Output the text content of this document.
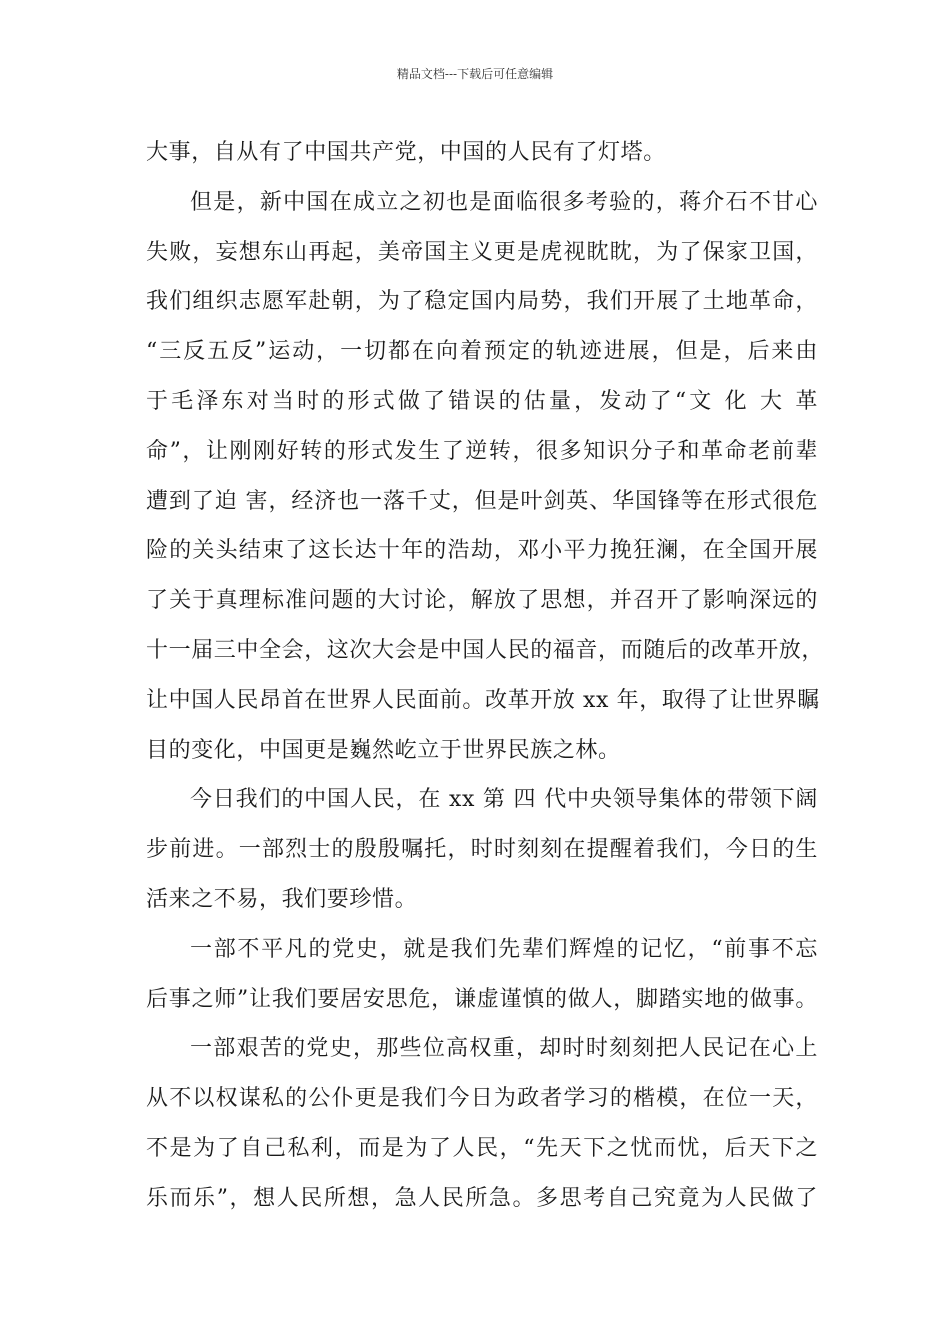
精品文档---下载后可任意编辑
大事，自从有了中国共产党，中国的人民有了灯塔。
但是，新中国在成立之初也是面临很多考验的，蒋介石不甘心
失败，妄想东山再起，美帝国主义更是虎视眈眈，为了保家卫国，
我们组织志愿军赴朝，为了稳定国内局势，我们开展了土地革命，
“三反五反”运动，一切都在向着预定的轨迹进展，但是，后来由
于毛泽东对当时的形式做了错误的估量，发动了“文 化 大 革
命”，让刚刚好转的形式发生了逆转，很多知识分子和革命老前辈
遭到了迫 害，经济也一落千丈，但是叶剑英、华国锋等在形式很危
险的关头结束了这长达十年的浩劫，邓小平力挽狂澜，在全国开展
了关于真理标准问题的大讨论，解放了思想，并召开了影响深远的
十一届三中全会，这次大会是中国人民的福音，而随后的改革开放，
让中国人民昂首在世界人民面前。改革开放 xx 年，取得了让世界瞩
目的变化，中国更是巍然屹立于世界民族之林。
今日我们的中国人民，在 xx 第 四 代中央领导集体的带领下阔
步前进。一部烈士的殷殷嘱托，时时刻刻在提醒着我们，今日的生
活来之不易，我们要珍惜。
一部不平凡的党史，就是我们先辈们辉煌的记忆，“前事不忘
后事之师”让我们要居安思危，谦虚谨慎的做人，脚踏实地的做事。
一部艰苦的党史，那些位高权重，却时时刻刻把人民记在心上
从不以权谋私的公仆更是我们今日为政者学习的楷模，在位一天，
不是为了自己私利，而是为了人民，“先天下之忧而忧，后天下之
乐而乐”，想人民所想，急人民所急。多思考自己究竟为人民做了
